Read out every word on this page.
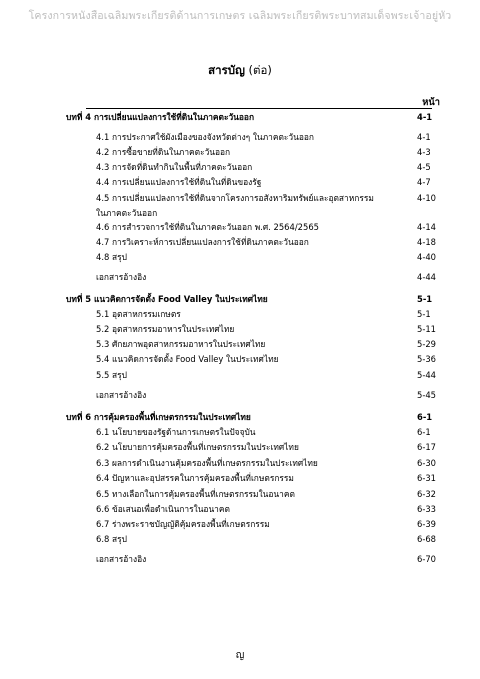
โครงการหนังสือเฉลิมพระเกียรติด้านการเกษตร เฉลิมพระเกียรติพระบาทสมเด็จพระเจ้าอยู่หัว
สารบัญ (ต่อ)
หน้า
บทที่ 4 การเปลี่ยนแปลงการใช้ที่ดินในภาคตะวันออก	4-1
4.1 การประกาศใช้ผังเมืองของจังหวัดต่างๆ ในภาคตะวันออก	4-1
4.2 การซื้อขายที่ดินในภาคตะวันออก	4-3
4.3 การจัดที่ดินทำกินในพื้นที่ภาคตะวันออก	4-5
4.4 การเปลี่ยนแปลงการใช้ที่ดินในที่ดินของรัฐ	4-7
4.5 การเปลี่ยนแปลงการใช้ที่ดินจากโครงการอสังหาริมทรัพย์และอุตสาหกรรม	4-10
ในภาคตะวันออก
4.6 การสำรวจการใช้ที่ดินในภาคตะวันออก พ.ศ. 2564/2565	4-14
4.7 การวิเคราะห์การเปลี่ยนแปลงการใช้ที่ดินภาคตะวันออก	4-18
4.8 สรุป	4-40
เอกสารอ้างอิง	4-44
บทที่ 5 แนวคิดการจัดตั้ง Food Valley ในประเทศไทย	5-1
5.1 อุตสาหกรรมเกษตร	5-1
5.2 อุตสาหกรรมอาหารในประเทศไทย	5-11
5.3 ศักยภาพอุตสาหกรรมอาหารในประเทศไทย	5-29
5.4 แนวคิดการจัดตั้ง Food Valley ในประเทศไทย	5-36
5.5 สรุป	5-44
เอกสารอ้างอิง	5-45
บทที่ 6 การคุ้มครองพื้นที่เกษตรกรรมในประเทศไทย	6-1
6.1 นโยบายของรัฐด้านการเกษตรในปัจจุบัน	6-1
6.2 นโยบายการคุ้มครองพื้นที่เกษตรกรรมในประเทศไทย	6-17
6.3 ผลการดำเนินงานคุ้มครองพื้นที่เกษตรกรรมในประเทศไทย	6-30
6.4 ปัญหาและอุปสรรคในการคุ้มครองพื้นที่เกษตรกรรม	6-31
6.5 ทางเลือกในการคุ้มครองพื้นที่เกษตรกรรมในอนาคต	6-32
6.6 ข้อเสนอเพื่อดำเนินการในอนาคต	6-33
6.7 ร่างพระราชบัญญัติคุ้มครองพื้นที่เกษตรกรรม	6-39
6.8 สรุป	6-68
เอกสารอ้างอิง	6-70
ญ
